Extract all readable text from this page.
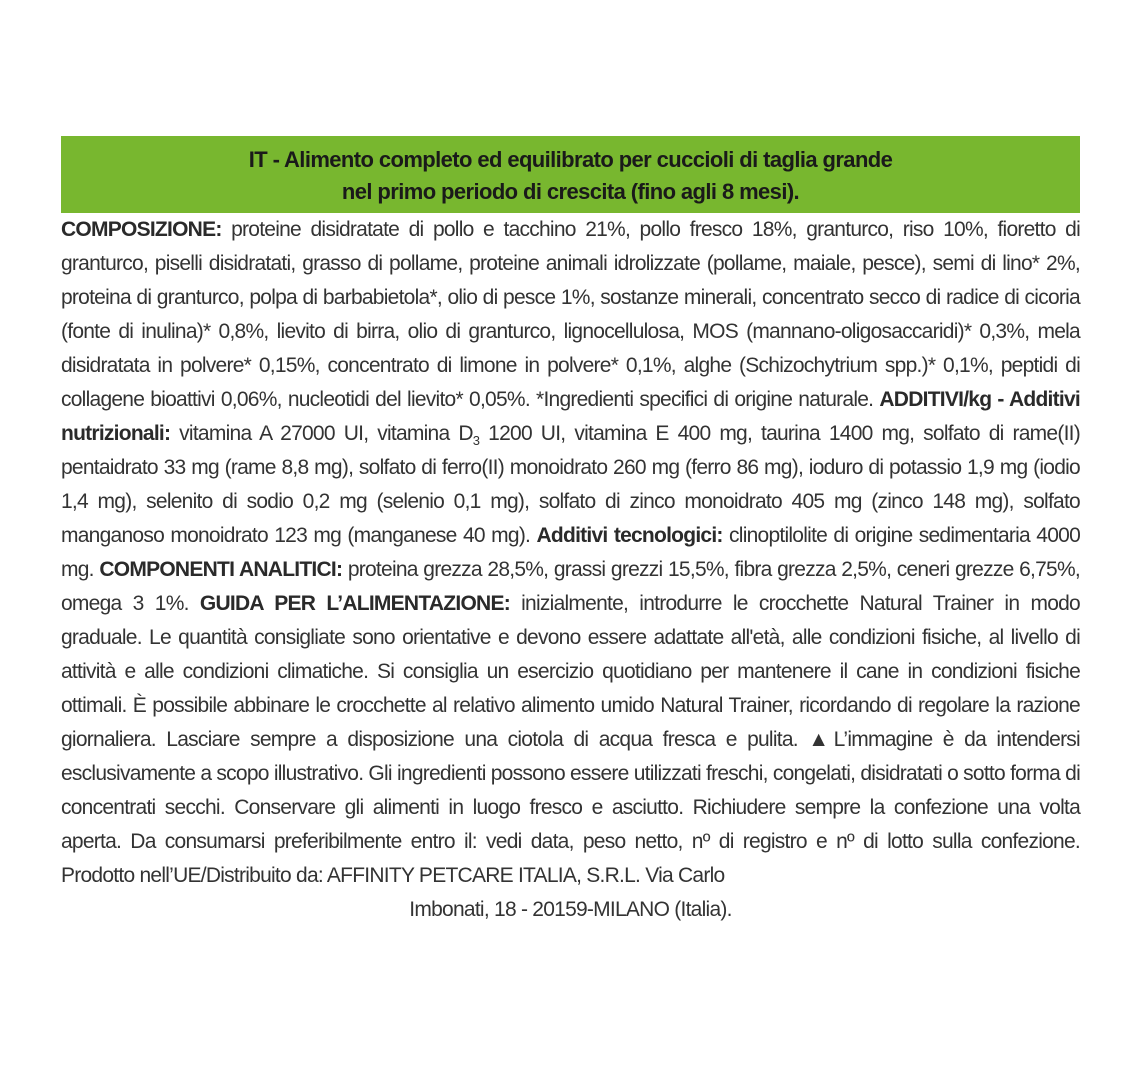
IT - Alimento completo ed equilibrato per cuccioli di taglia grande
nel primo periodo di crescita (fino agli 8 mesi).
COMPOSIZIONE: proteine disidratate di pollo e tacchino 21%, pollo fresco 18%, granturco, riso 10%, fioretto di granturco, piselli disidratati, grasso di pollame, proteine animali idrolizzate (pollame, maiale, pesce), semi di lino* 2%, proteina di granturco, polpa di barbabietola*, olio di pesce 1%, sostanze minerali, concentrato secco di radice di cicoria (fonte di inulina)* 0,8%, lievito di birra, olio di granturco, lignocellulosa, MOS (mannano-oligosaccaridi)* 0,3%, mela disidratata in polvere* 0,15%, concentrato di limone in polvere* 0,1%, alghe (Schizochytrium spp.)* 0,1%, peptidi di collagene bioattivi 0,06%, nucleotidi del lievito* 0,05%. *Ingredienti specifici di origine naturale. ADDITIVI/kg - Additivi nutrizionali: vitamina A 27000 UI, vitamina $D_3$ 1200 UI, vitamina E 400 mg, taurina 1400 mg, solfato di rame(II) pentaidrato 33 mg (rame 8,8 mg), solfato di ferro(II) monoidrato 260 mg (ferro 86 mg), ioduro di potassio 1,9 mg (iodio 1,4 mg), selenito di sodio 0,2 mg (selenio 0,1 mg), solfato di zinco monoidrato 405 mg (zinco 148 mg), solfato manganoso monoidrato 123 mg (manganese 40 mg). Additivi tecnologici: clinoptilolite di origine sedimentaria 4000 mg. COMPONENTI ANALITICI: proteina grezza 28,5%, grassi grezzi 15,5%, fibra grezza 2,5%, ceneri grezze 6,75%, omega 3 1%. GUIDA PER L’ALIMENTAZIONE: inizialmente, introdurre le crocchette Natural Trainer in modo graduale. Le quantità consigliate sono orientative e devono essere adattate all'età, alle condizioni fisiche, al livello di attività e alle condizioni climatiche. Si consiglia un esercizio quotidiano per mantenere il cane in condizioni fisiche ottimali. È possibile abbinare le crocchette al relativo alimento umido Natural Trainer, ricordando di regolare la razione giornaliera. Lasciare sempre a disposizione una ciotola di acqua fresca e pulita. ▲L’immagine è da intendersi esclusivamente a scopo illustrativo. Gli ingredienti possono essere utilizzati freschi, congelati, disidratati o sotto forma di concentrati secchi. Conservare gli alimenti in luogo fresco e asciutto. Richiudere sempre la confezione una volta aperta. Da consumarsi preferibilmente entro il: vedi data, peso netto, nº di registro e nº di lotto sulla confezione. Prodotto nell’UE/Distribuito da: AFFINITY PETCARE ITALIA, S.R.L. Via Carlo
Imbonati, 18 - 20159-MILANO (Italia).
